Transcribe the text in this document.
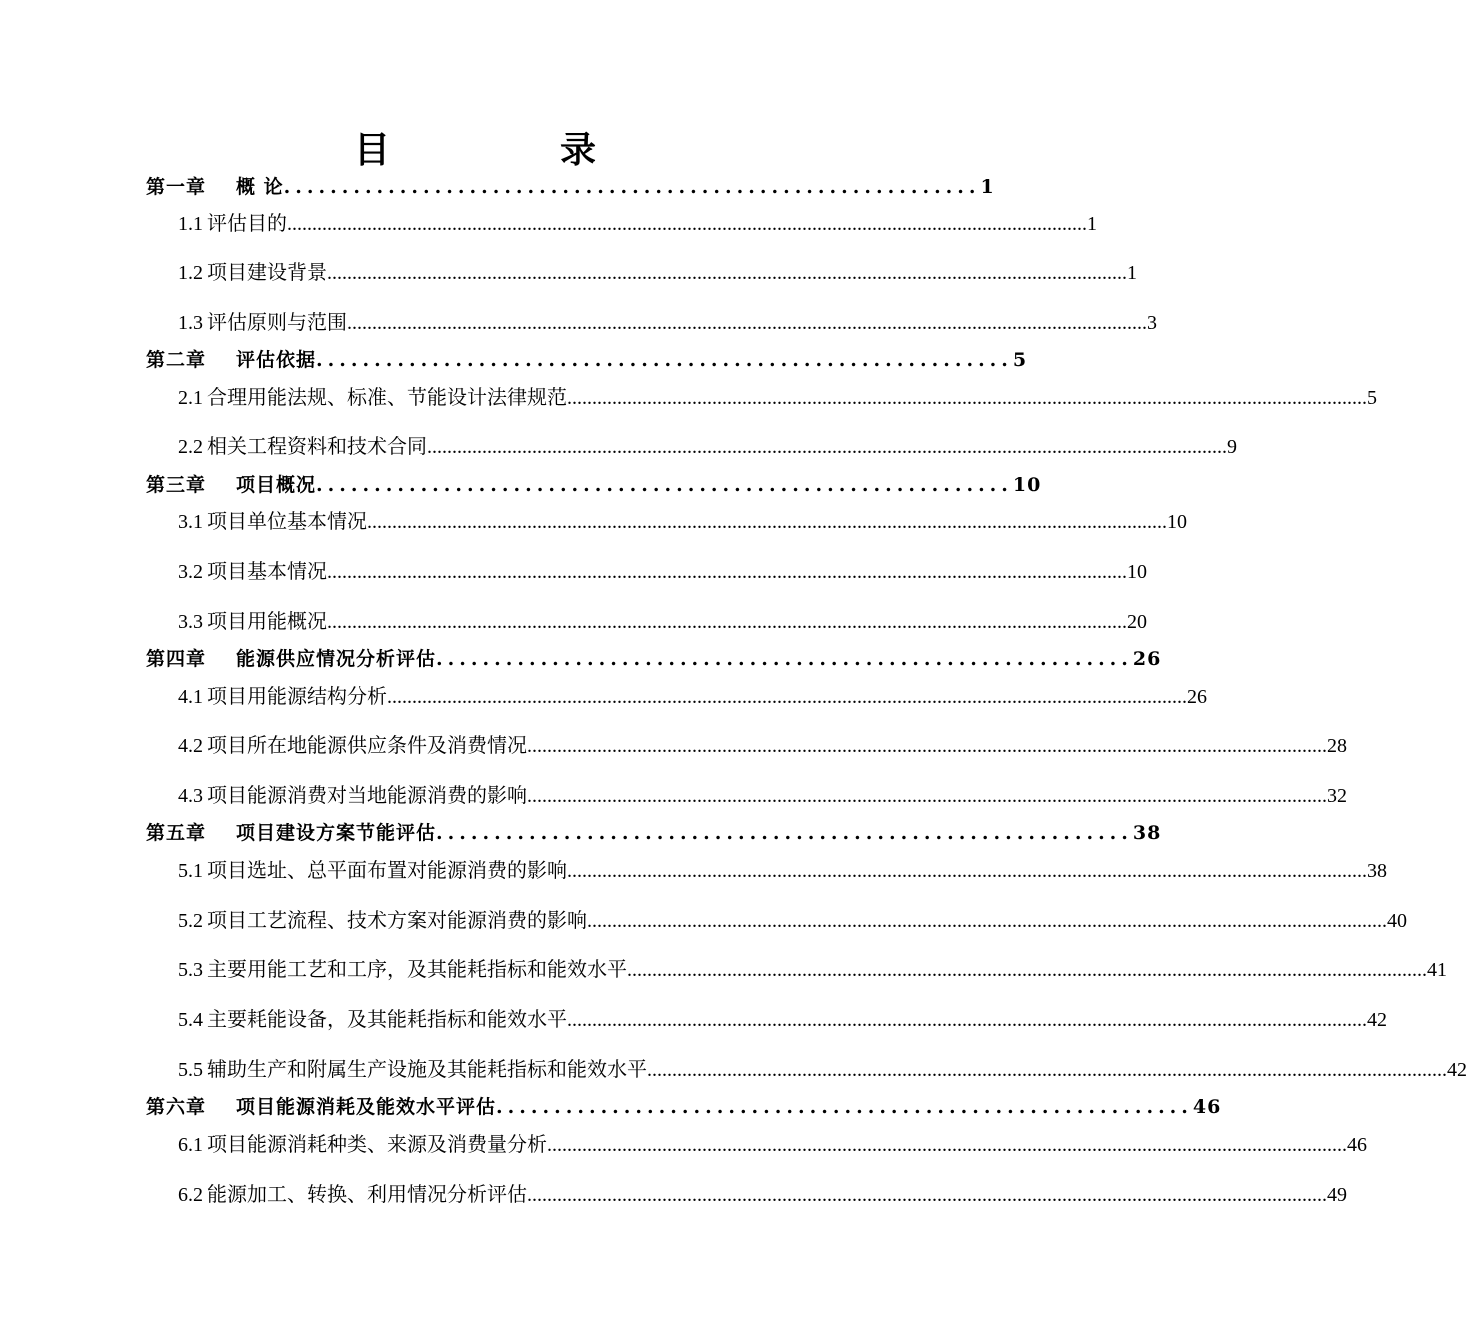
目	录
第一章 概 论 ............................................................ 1
1.1 评估目的 ................................................................................................................................................................ 1
1.2 项目建设背景 ................................................................................................................................................................ 1
1.3 评估原则与范围 ................................................................................................................................................................ 3
第二章 评估依据 ............................................................ 5
2.1 合理用能法规、标准、节能设计法律规范 ................................................................................................................................................................ 5
2.2 相关工程资料和技术合同 ................................................................................................................................................................ 9
第三章 项目概况 ............................................................ 10
3.1 项目单位基本情况 ................................................................................................................................................................ 10
3.2 项目基本情况 ................................................................................................................................................................ 10
3.3 项目用能概况 ................................................................................................................................................................ 20
第四章 能源供应情况分析评估 ............................................................ 26
4.1 项目用能源结构分析 ................................................................................................................................................................ 26
4.2 项目所在地能源供应条件及消费情况 ................................................................................................................................................................ 28
4.3 项目能源消费对当地能源消费的影响 ................................................................................................................................................................ 32
第五章 项目建设方案节能评估 ............................................................ 38
5.1 项目选址、总平面布置对能源消费的影响 ................................................................................................................................................................ 38
5.2 项目工艺流程、技术方案对能源消费的影响 ................................................................................................................................................................ 40
5.3 主要用能工艺和工序，及其能耗指标和能效水平 ................................................................................................................................................................ 41
5.4 主要耗能设备，及其能耗指标和能效水平 ................................................................................................................................................................ 42
5.5 辅助生产和附属生产设施及其能耗指标和能效水平 ................................................................................................................................................................ 42
第六章 项目能源消耗及能效水平评估 ............................................................ 46
6.1 项目能源消耗种类、来源及消费量分析 ................................................................................................................................................................ 46
6.2 能源加工、转换、利用情况分析评估 ................................................................................................................................................................ 49
